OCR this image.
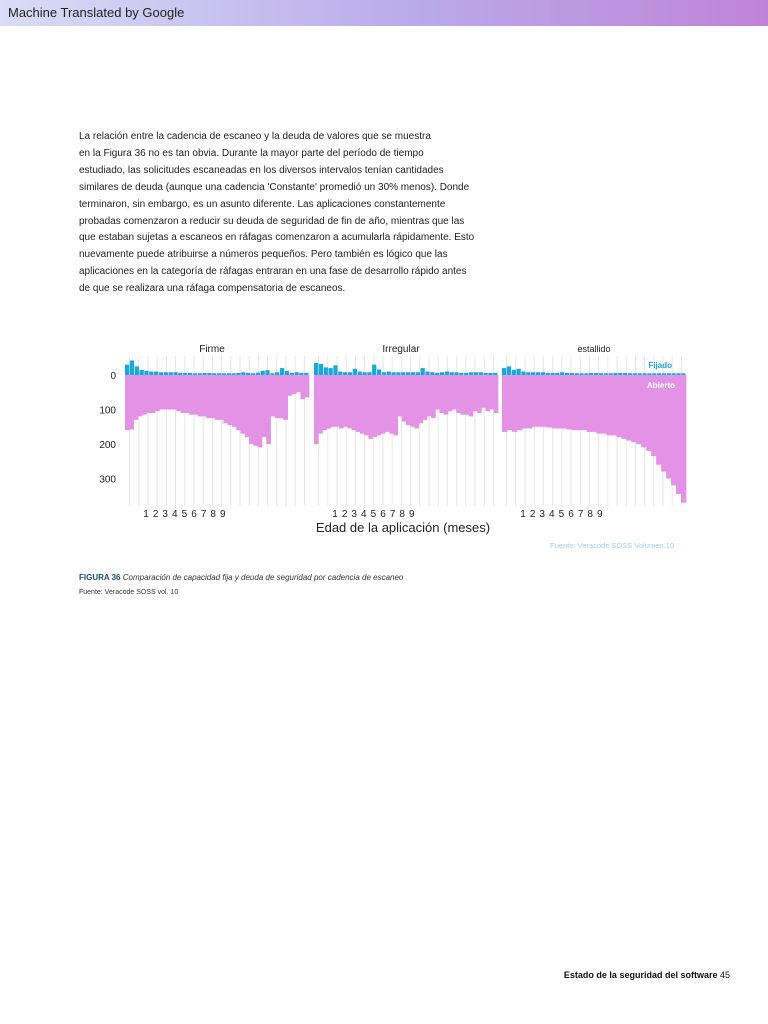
Machine Translated by Google
La relación entre la cadencia de escaneo y la deuda de valores que se muestra
en la Figura 36 no es tan obvia. Durante la mayor parte del período de tiempo
estudiado, las solicitudes escaneadas en los diversos intervalos tenían cantidades
similares de deuda (aunque una cadencia 'Constante' promedió un 30% menos). Donde
terminaron, sin embargo, es un asunto diferente. Las aplicaciones constantemente
probadas comenzaron a reducir su deuda de seguridad de fin de año, mientras que las
que estaban sujetas a escaneos en ráfagas comenzaron a acumularla rápidamente. Esto
nuevamente puede atribuirse a números pequeños. Pero también es lógico que las
aplicaciones en la categoría de ráfagas entraran en una fase de desarrollo rápido antes
de que se realizara una ráfaga compensatoria de escaneos.
Firme	Irregular	estallido
0
100
200
300
1 2 3 4 5 6 7 8 9	1 2 3 4 5 6 7 8 9	1 2 3 4 5 6 7 8 9
Edad de la aplicación (meses)
Fijado
Abierto
Fuente: Veracode SOSS Volumen 10
FIGURA 36 Comparación de capacidad fija y deuda de seguridad por cadencia de escaneo
Fuente: Veracode SOSS vol. 10
Estado de la seguridad del software 45
